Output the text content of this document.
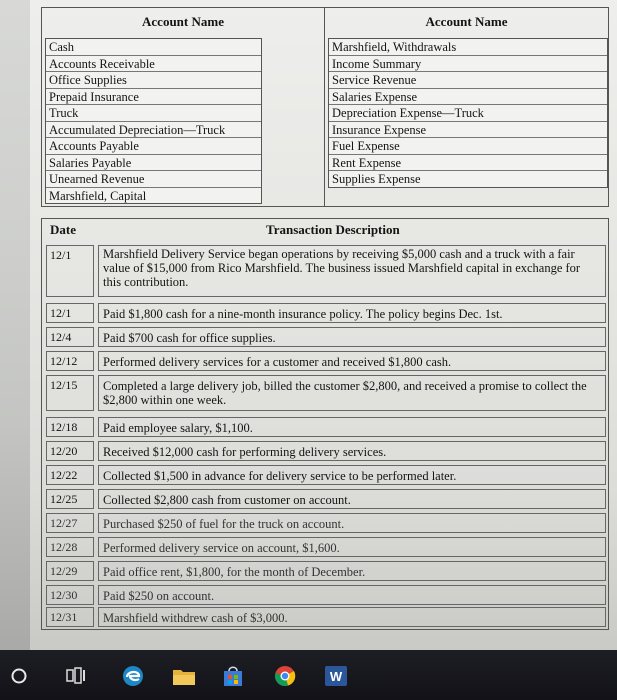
Account Name	Account Name
Cash
Accounts Receivable
Office Supplies
Prepaid Insurance
Truck
Accumulated Depreciation—Truck
Accounts Payable
Salaries Payable
Unearned Revenue
Marshfield, Capital
Marshfield, Withdrawals
Income Summary
Service Revenue
Salaries Expense
Depreciation Expense—Truck
Insurance Expense
Fuel Expense
Rent Expense
Supplies Expense
Date	Transaction Description
12/1	Marshfield Delivery Service began operations by receiving $5,000 cash and a truck with a fair value of $15,000 from Rico Marshfield. The business issued Marshfield capital in exchange for this contribution.
12/1	Paid $1,800 cash for a nine-month insurance policy. The policy begins Dec. 1st.
12/4	Paid $700 cash for office supplies.
12/12	Performed delivery services for a customer and received $1,800 cash.
12/15	Completed a large delivery job, billed the customer $2,800, and received a promise to collect the $2,800 within one week.
12/18	Paid employee salary, $1,100.
12/20	Received $12,000 cash for performing delivery services.
12/22	Collected $1,500 in advance for delivery service to be performed later.
12/25	Collected $2,800 cash from customer on account.
12/27	Purchased $250 of fuel for the truck on account.
12/28	Performed delivery service on account, $1,600.
12/29	Paid office rent, $1,800, for the month of December.
12/30	Paid $250 on account.
12/31	Marshfield withdrew cash of $3,000.
W
